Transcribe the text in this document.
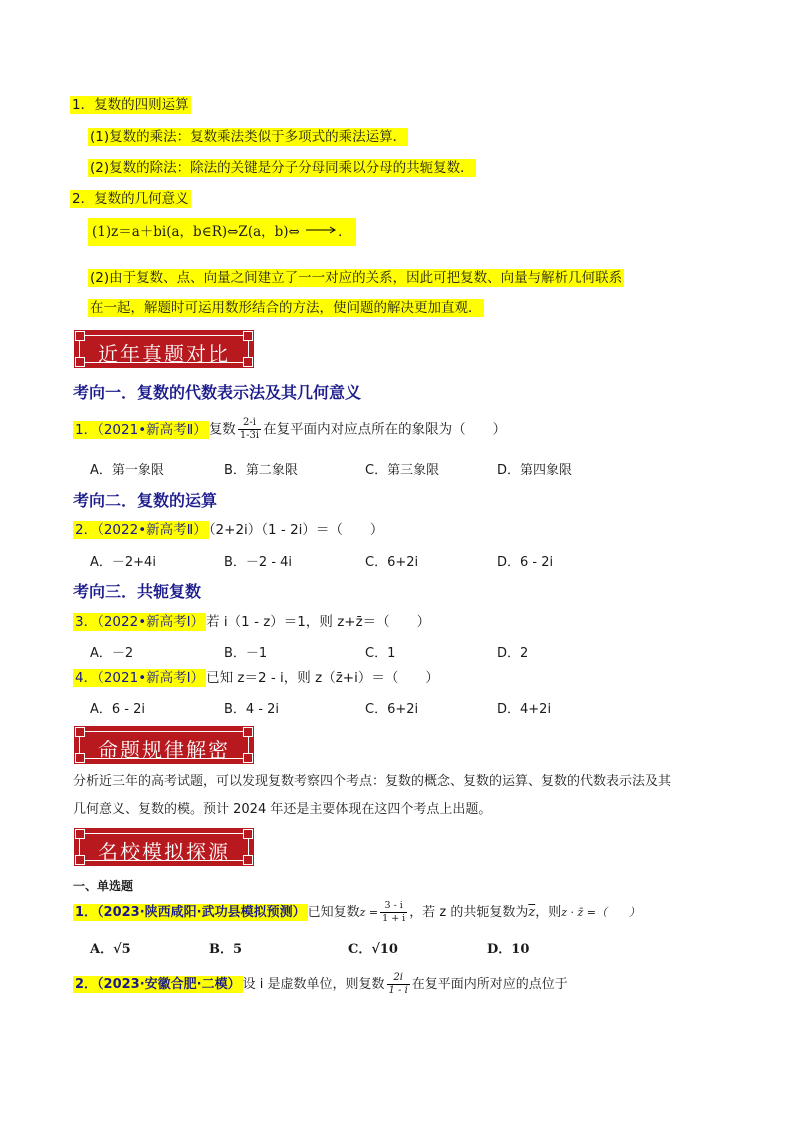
1．复数的四则运算
(1)复数的乘法：复数乘法类似于多项式的乘法运算．
(2)复数的除法：除法的关键是分子分母同乘以分母的共轭复数．
2．复数的几何意义
(1)z＝a＋bi(a，b∈R)⇔Z(a，b)⇔	．
(2)由于复数、点、向量之间建立了一一对应的关系，因此可把复数、向量与解析几何联系
在一起，解题时可运用数形结合的方法，使问题的解决更加直观．
近年真题对比
考向一．复数的代数表示法及其几何意义
1．（2021•新高考Ⅱ） 复数 $\frac{2-i}{1-3i}$ 在复平面内对应点所在的象限为（　　）
A．第一象限	B．第二象限	C．第三象限	D．第四象限
考向二．复数的运算
2．（2022•新高考Ⅱ） （2+2i）（1 - 2i）＝（　　）
A．－2+4i	B．－2 - 4i	C．6+2i	D．6 - 2i
考向三．共轭复数
3．（2022•新高考Ⅰ） 若 i（1 - z）＝1，则 z+z̄＝（　　）
A．－2	B．－1	C．1	D．2
4．（2021•新高考Ⅰ） 已知 z＝2 - i，则 z（z̄+i）＝（　　）
A．6 - 2i	B．4 - 2i	C．6+2i	D．4+2i
命题规律解密
分析近三年的高考试题，可以发现复数考察四个考点：复数的概念、复数的运算、复数的代数表示法及其
几何意义、复数的模。预计 2024 年还是主要体现在这四个考点上出题。
名校模拟探源
一、单选题
1．（2023·陕西咸阳·武功县模拟预测） 已知复数$z = \frac{3 - i}{1 + i}$ ，若 z 的共轭复数为$\overline{z}$，则z · z̄ =（　　）
A．√5	B．5	C．√10	D．10
2．（2023·安徽合肥·二模） 设 i 是虚数单位，则复数 $\frac{2i}{1 - i}$ 在复平面内所对应的点位于
